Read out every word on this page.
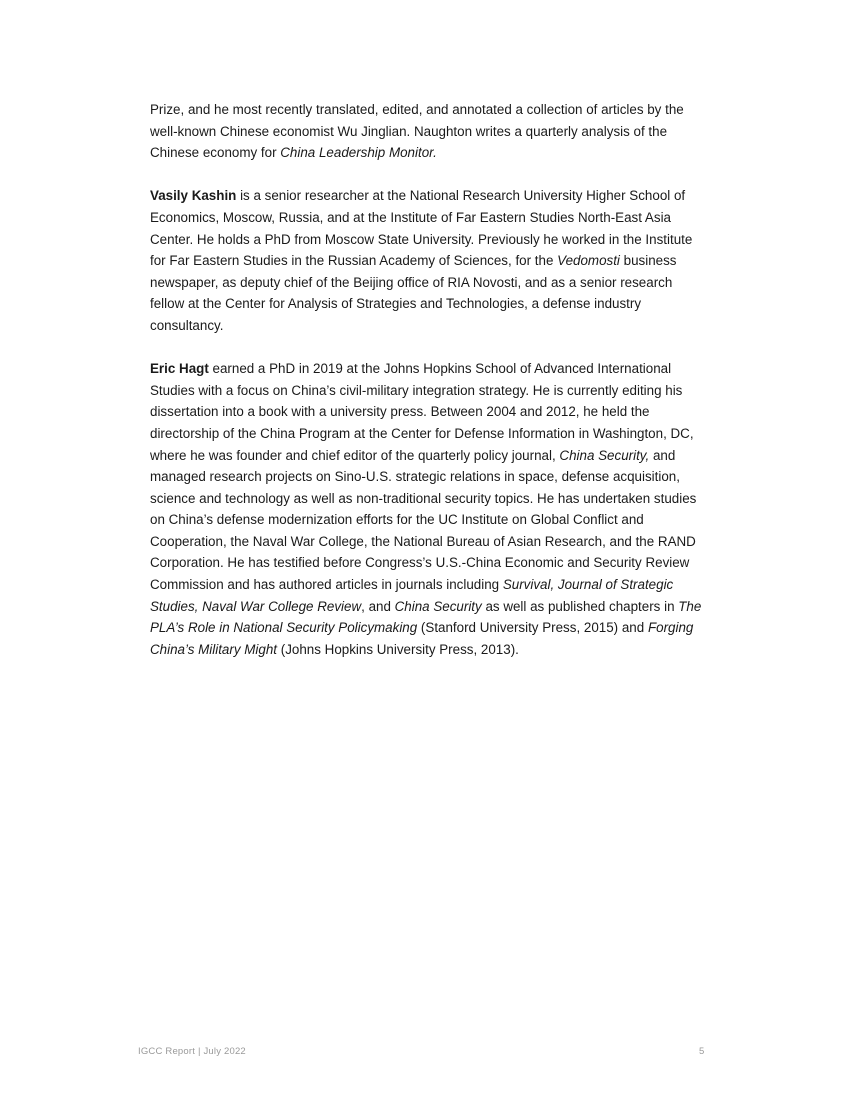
Prize, and he most recently translated, edited, and annotated a collection of articles by the well-known Chinese economist Wu Jinglian. Naughton writes a quarterly analysis of the Chinese economy for China Leadership Monitor.

Vasily Kashin is a senior researcher at the National Research University Higher School of Economics, Moscow, Russia, and at the Institute of Far Eastern Studies North-East Asia Center. He holds a PhD from Moscow State University. Previously he worked in the Institute for Far Eastern Studies in the Russian Academy of Sciences, for the Vedomosti business newspaper, as deputy chief of the Beijing office of RIA Novosti, and as a senior research fellow at the Center for Analysis of Strategies and Technologies, a defense industry consultancy.

Eric Hagt earned a PhD in 2019 at the Johns Hopkins School of Advanced International Studies with a focus on China’s civil-military integration strategy. He is currently editing his dissertation into a book with a university press. Between 2004 and 2012, he held the directorship of the China Program at the Center for Defense Information in Washington, DC, where he was founder and chief editor of the quarterly policy journal, China Security, and managed research projects on Sino-U.S. strategic relations in space, defense acquisition, science and technology as well as non-traditional security topics. He has undertaken studies on China’s defense modernization efforts for the UC Institute on Global Conflict and Cooperation, the Naval War College, the National Bureau of Asian Research, and the RAND Corporation. He has testified before Congress’s U.S.-China Economic and Security Review Commission and has authored articles in journals including Survival, Journal of Strategic Studies, Naval War College Review, and China Security as well as published chapters in The PLA’s Role in National Security Policymaking (Stanford University Press, 2015) and Forging China’s Military Might (Johns Hopkins University Press, 2013).

IGCC Report | July 2022	5
